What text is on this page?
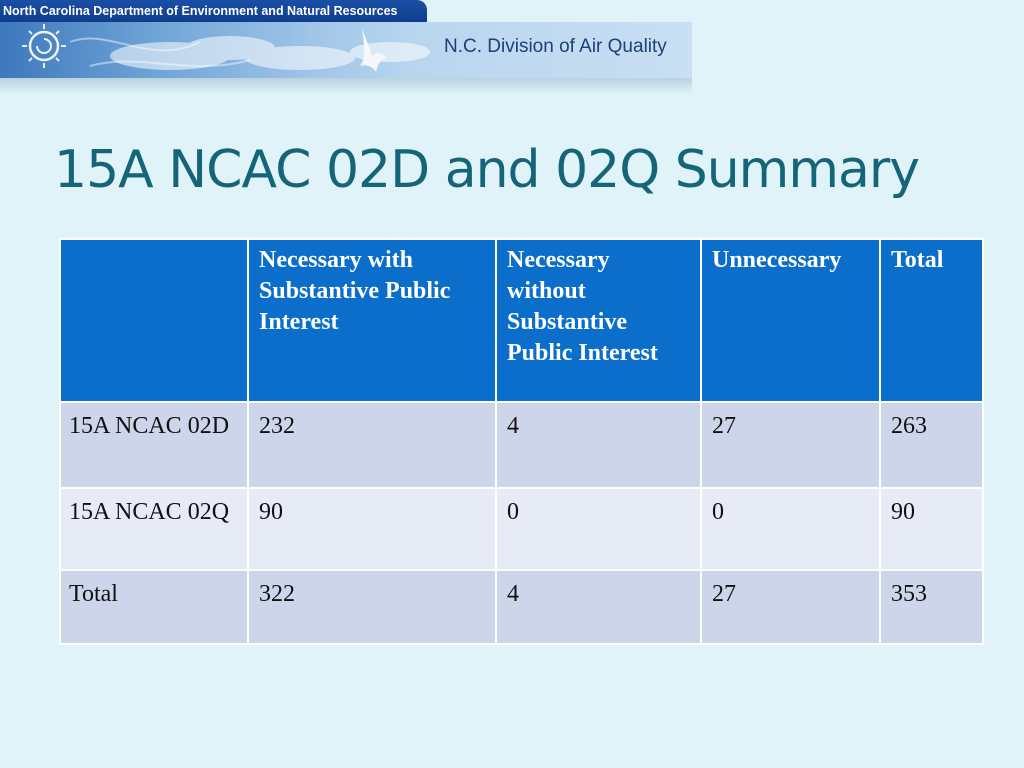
North Carolina Department of Environment and Natural Resources
N.C. Division of Air Quality
15A NCAC 02D and 02Q Summary
	Necessary with Substantive Public Interest	Necessary without Substantive Public Interest	Unnecessary	Total
15A NCAC 02D	232	4	27	263
15A NCAC 02Q	90	0	0	90
Total	322	4	27	353
